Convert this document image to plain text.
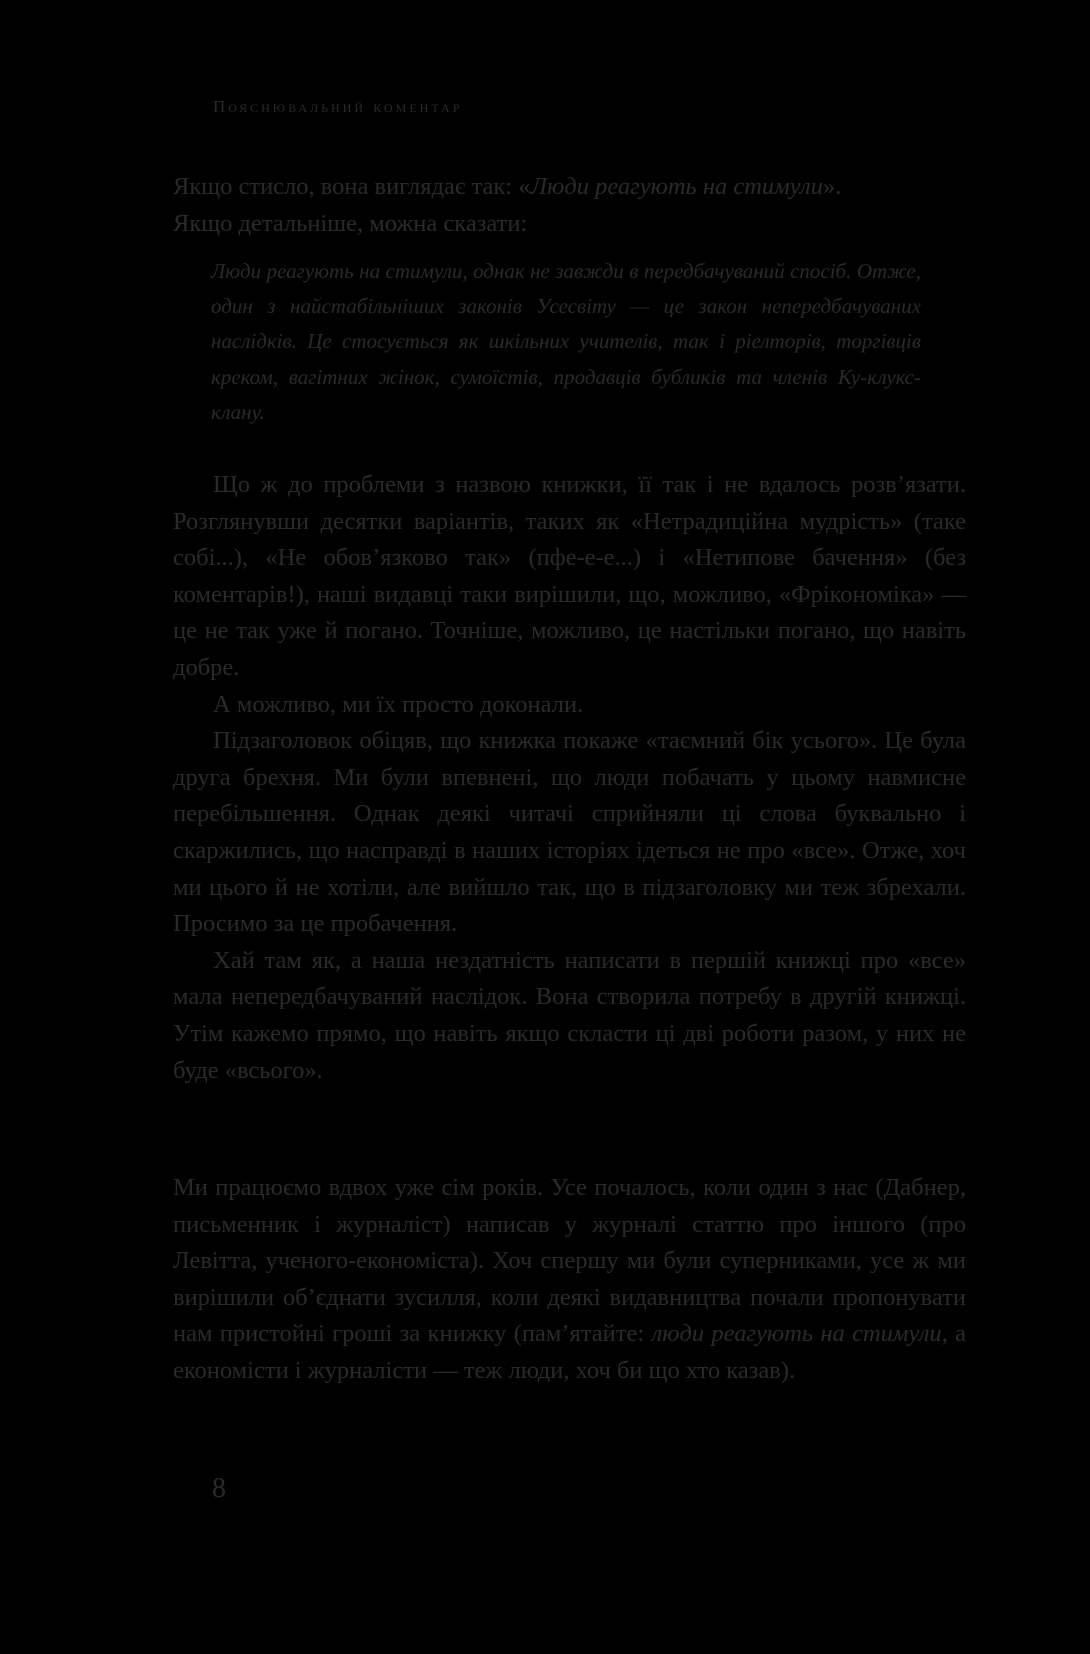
Пояснювальний коментар

Якщо стисло, вона виглядає так: «Люди реагують на стимули».

Якщо детальніше, можна сказати:

Люди реагують на стимули, однак не завжди в передбачуваний спосіб. Отже, один з найстабільніших законів Усесвіту — це закон непередбачуваних наслідків. Це стосується як шкільних учителів, так і ріелторів, торгівців креком, вагітних жінок, сумоїстів, продавців бубликів та членів Ку-клукс-клану.

Що ж до проблеми з назвою книжки, її так і не вдалось розв’язати. Розглянувши десятки варіантів, таких як «Нетрадиційна мудрість» (таке собі...), «Не обов’язково так» (пфе-е-е...) і «Нетипове бачення» (без коментарів!), наші видавці таки вирішили, що, можливо, «Фрікономіка» — це не так уже й погано. Точніше, можливо, це настільки погано, що навіть добре.

А можливо, ми їх просто доконали.

Підзаголовок обіцяв, що книжка покаже «таємний бік усього». Це була друга брехня. Ми були впевнені, що люди побачать у цьому навмисне перебільшення. Однак деякі читачі сприйняли ці слова буквально і скаржились, що насправді в наших історіях ідеться не про «все». Отже, хоч ми цього й не хотіли, але вийшло так, що в підзаголовку ми теж збрехали. Просимо за це пробачення.

Хай там як, а наша нездатність написати в першій книжці про «все» мала непередбачуваний наслідок. Вона створила потребу в другій книжці. Утім кажемо прямо, що навіть якщо скласти ці дві роботи разом, у них не буде «всього».

Ми працюємо вдвох уже сім років. Усе почалось, коли один з нас (Дабнер, письменник і журналіст) написав у журналі статтю про іншого (про Левітта, ученого-економіста). Хоч спершу ми були суперниками, усе ж ми вирішили об’єднати зусилля, коли деякі видавництва почали пропонувати нам пристойні гроші за книжку (пам’ятайте: люди реагують на стимули, а економісти і журналісти — теж люди, хоч би що хто казав).

8
